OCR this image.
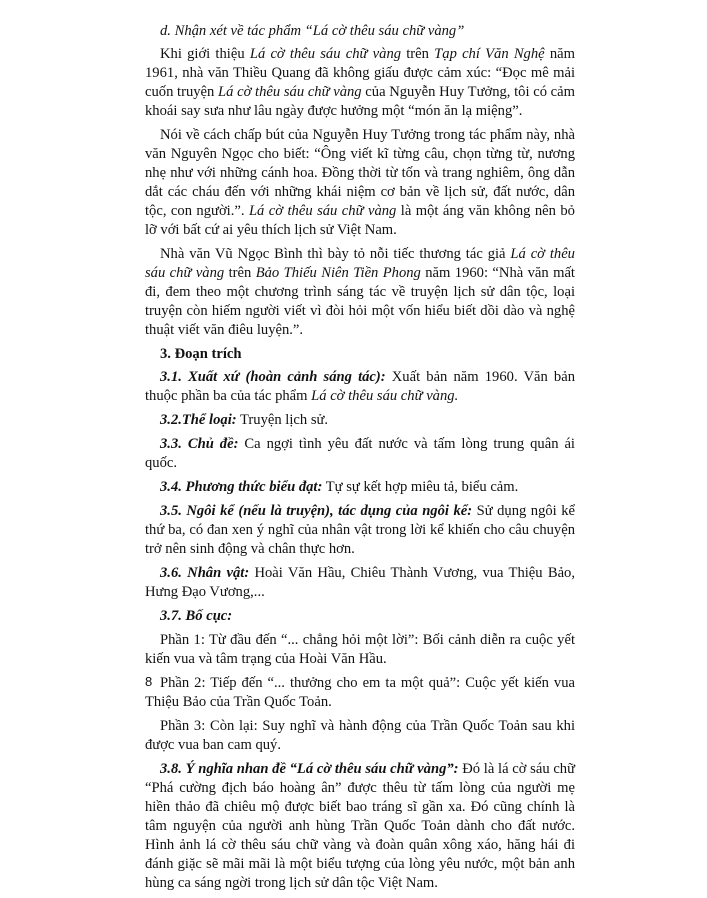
d. Nhận xét về tác phẩm “Lá cờ thêu sáu chữ vàng”

Khi giới thiệu Lá cờ thêu sáu chữ vàng trên Tạp chí Văn Nghệ năm 1961, nhà văn Thiều Quang đã không giấu được cảm xúc: “Đọc mê mải cuốn truyện Lá cờ thêu sáu chữ vàng của Nguyễn Huy Tưởng, tôi có cảm khoái say sưa như lâu ngày được hưởng một “món ăn lạ miệng”.

Nói về cách chấp bút của Nguyễn Huy Tưởng trong tác phẩm này, nhà văn Nguyên Ngọc cho biết: “Ông viết kĩ từng câu, chọn từng từ, nương nhẹ như với những cánh hoa. Đồng thời từ tốn và trang nghiêm, ông dẫn dắt các cháu đến với những khái niệm cơ bản về lịch sử, đất nước, dân tộc, con người.”. Lá cờ thêu sáu chữ vàng là một áng văn không nên bỏ lỡ với bất cứ ai yêu thích lịch sử Việt Nam.

Nhà văn Vũ Ngọc Bình thì bày tỏ nỗi tiếc thương tác giả Lá cờ thêu sáu chữ vàng trên Bảo Thiếu Niên Tiền Phong năm 1960: “Nhà văn mất đi, đem theo một chương trình sáng tác về truyện lịch sử dân tộc, loại truyện còn hiếm người viết vì đòi hỏi một vốn hiểu biết dồi dào và nghệ thuật viết văn điêu luyện.”.

3. Đoạn trích

3.1. Xuất xứ (hoàn cảnh sáng tác): Xuất bản năm 1960. Văn bản thuộc phần ba của tác phẩm Lá cờ thêu sáu chữ vàng.

3.2.Thể loại: Truyện lịch sử.

3.3. Chủ đề: Ca ngợi tình yêu đất nước và tấm lòng trung quân ái quốc.

3.4. Phương thức biểu đạt: Tự sự kết hợp miêu tả, biểu cảm.

3.5. Ngôi kể (nếu là truyện), tác dụng của ngôi kể: Sử dụng ngôi kể thứ ba, có đan xen ý nghĩ của nhân vật trong lời kể khiến cho câu chuyện trở nên sinh động và chân thực hơn.

3.6. Nhân vật: Hoài Văn Hầu, Chiêu Thành Vương, vua Thiệu Bảo, Hưng Đạo Vương,...

3.7. Bố cục:

Phần 1: Từ đầu đến “... chẳng hỏi một lời”: Bối cảnh diễn ra cuộc yết kiến vua và tâm trạng của Hoài Văn Hầu.

Phần 2: Tiếp đến “... thưởng cho em ta một quả”: Cuộc yết kiến vua Thiệu Bảo của Trần Quốc Toản.

Phần 3: Còn lại: Suy nghĩ và hành động của Trần Quốc Toản sau khi được vua ban cam quý.

3.8. Ý nghĩa nhan đề “Lá cờ thêu sáu chữ vàng”: Đó là lá cờ sáu chữ “Phá cường địch báo hoàng ân” được thêu từ tấm lòng của người mẹ hiền thảo đã chiêu mộ được biết bao tráng sĩ gần xa. Đó cũng chính là tâm nguyện của người anh hùng Trần Quốc Toản dành cho đất nước. Hình ảnh lá cờ thêu sáu chữ vàng và đoàn quân xông xáo, hăng hái đi đánh giặc sẽ mãi mãi là một biểu tượng của lòng yêu nước, một bản anh hùng ca sáng ngời trong lịch sử dân tộc Việt Nam.

8
